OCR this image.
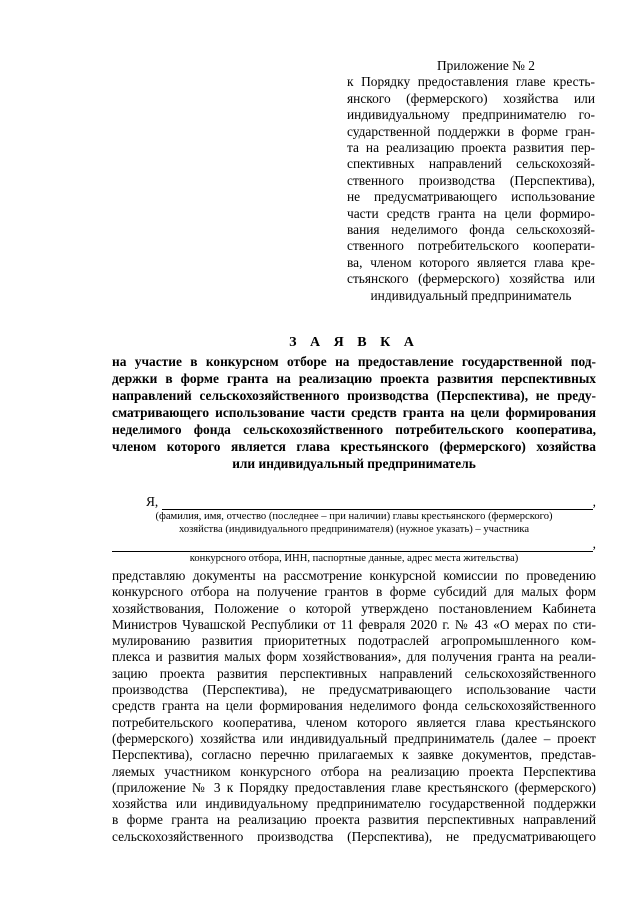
Приложение № 2
к Порядку предоставления главе кресть-
янского (фермерского) хозяйства или
индивидуальному предпринимателю го-
сударственной поддержки в форме гран-
та на реализацию проекта развития пер-
спективных направлений сельскохозяй-
ственного производства (Перспектива),
не предусматривающего использование
части средств гранта на цели формиро-
вания неделимого фонда сельскохозяй-
ственного потребительского кооперати-
ва, членом которого является глава кре-
стьянского (фермерского) хозяйства или
индивидуальный предприниматель
З А Я В К А
на участие в конкурсном отборе на предоставление государственной под-
держки в форме гранта на реализацию проекта развития перспективных
направлений сельскохозяйственного производства (Перспектива), не преду-
сматривающего использование части средств гранта на цели формирования
неделимого фонда сельскохозяйственного потребительского кооператива,
членом которого является глава крестьянского (фермерского) хозяйства
или индивидуальный предприниматель
Я,	,
(фамилия, имя, отчество (последнее – при наличии) главы крестьянского (фермерского)
хозяйства (индивидуального предпринимателя) (нужное указать) – участника
,
конкурсного отбора, ИНН, паспортные данные, адрес места жительства)
представляю документы на рассмотрение конкурсной комиссии по проведению
конкурсного отбора на получение грантов в форме субсидий для малых форм
хозяйствования, Положение о которой утверждено постановлением Кабинета
Министров Чувашской Республики от 11 февраля 2020 г. № 43 «О мерах по сти-
мулированию развития приоритетных подотраслей агропромышленного ком-
плекса и развития малых форм хозяйствования», для получения гранта на реали-
зацию проекта развития перспективных направлений сельскохозяйственного
производства (Перспектива), не предусматривающего использование части
средств гранта на цели формирования неделимого фонда сельскохозяйственного
потребительского кооператива, членом которого является глава крестьянского
(фермерского) хозяйства или индивидуальный предприниматель (далее – проект
Перспектива), согласно перечню прилагаемых к заявке документов, представ-
ляемых участником конкурсного отбора на реализацию проекта Перспектива
(приложение № 3 к Порядку предоставления главе крестьянского (фермерского)
хозяйства или индивидуальному предпринимателю государственной поддержки
в форме гранта на реализацию проекта развития перспективных направлений
сельскохозяйственного производства (Перспектива), не предусматривающего
